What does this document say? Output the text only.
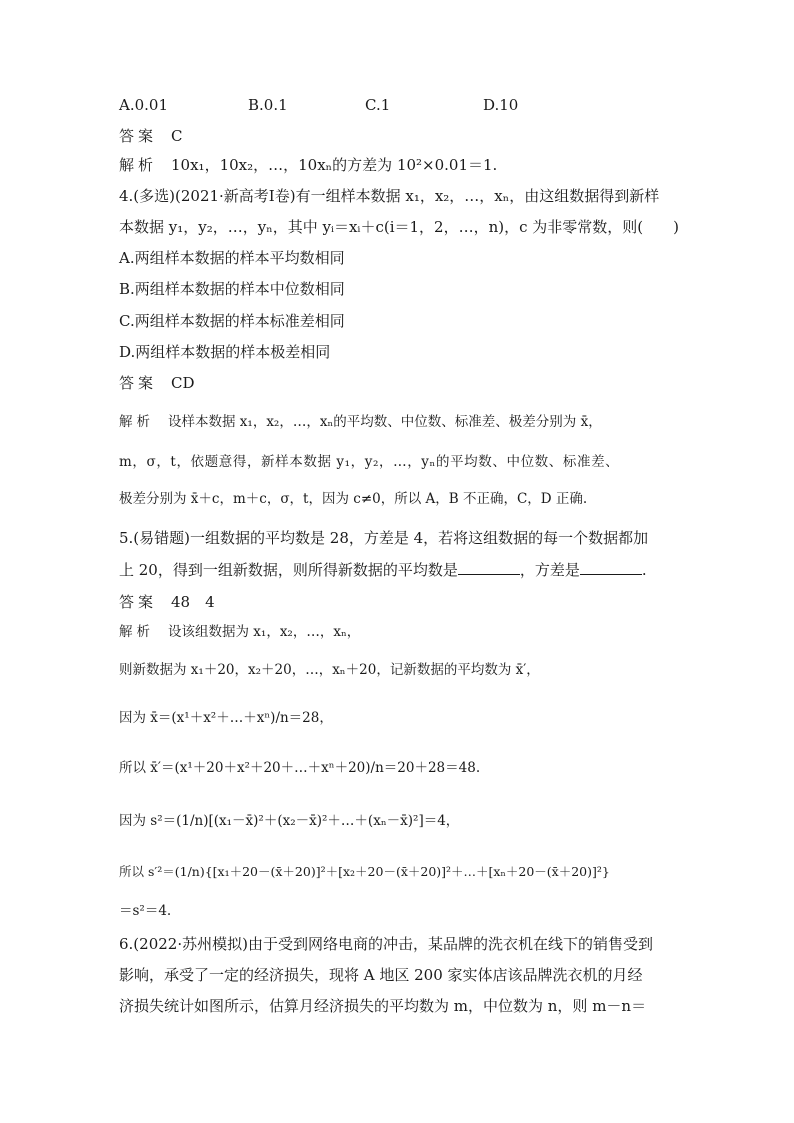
A.0.01	B.0.1	C.1	D.10
答案 C
解析 10x₁，10x₂，…，10xₙ的方差为 10²×0.01＝1.
4.(多选)(2021·新高考Ⅰ卷)有一组样本数据 x₁，x₂，…，xₙ，由这组数据得到新样
本数据 y₁，y₂，…，yₙ，其中 yᵢ＝xᵢ＋c(i＝1，2，…，n)，c 为非零常数，则(　　)
A.两组样本数据的样本平均数相同
B.两组样本数据的样本中位数相同
C.两组样本数据的样本标准差相同
D.两组样本数据的样本极差相同
答案 CD
解析 设样本数据 x₁，x₂，…，xₙ的平均数、中位数、标准差、极差分别为 x̄，
m，σ，t，依题意得，新样本数据 y₁，y₂，…，yₙ的平均数、中位数、标准差、
极差分别为 x̄＋c，m＋c，σ，t，因为 c≠0，所以 A，B 不正确，C，D 正确.
5.(易错题)一组数据的平均数是 28，方差是 4，若将这组数据的每一个数据都加
上 20，得到一组新数据，则所得新数据的平均数是	，方差是	.
答案 48　4
解析 设该组数据为 x₁，x₂，…，xₙ，
则新数据为 x₁＋20，x₂＋20，…，xₙ＋20，记新数据的平均数为 x̄′，
因为 x̄＝(x¹＋x²＋…＋xⁿ)/n＝28，
所以 x̄′＝(x¹＋20＋x²＋20＋…＋xⁿ＋20)/n＝20＋28＝48.
因为 s²＝(1/n)[(x₁－x̄)²＋(x₂－x̄)²＋…＋(xₙ－x̄)²]＝4，
所以 s′²＝(1/n){[x₁＋20－(x̄＋20)]²＋[x₂＋20－(x̄＋20)]²＋…＋[xₙ＋20－(x̄＋20)]²}
＝s²＝4.
6.(2022·苏州模拟)由于受到网络电商的冲击，某品牌的洗衣机在线下的销售受到
影响，承受了一定的经济损失，现将 A 地区 200 家实体店该品牌洗衣机的月经
济损失统计如图所示，估算月经济损失的平均数为 m，中位数为 n，则 m－n＝
